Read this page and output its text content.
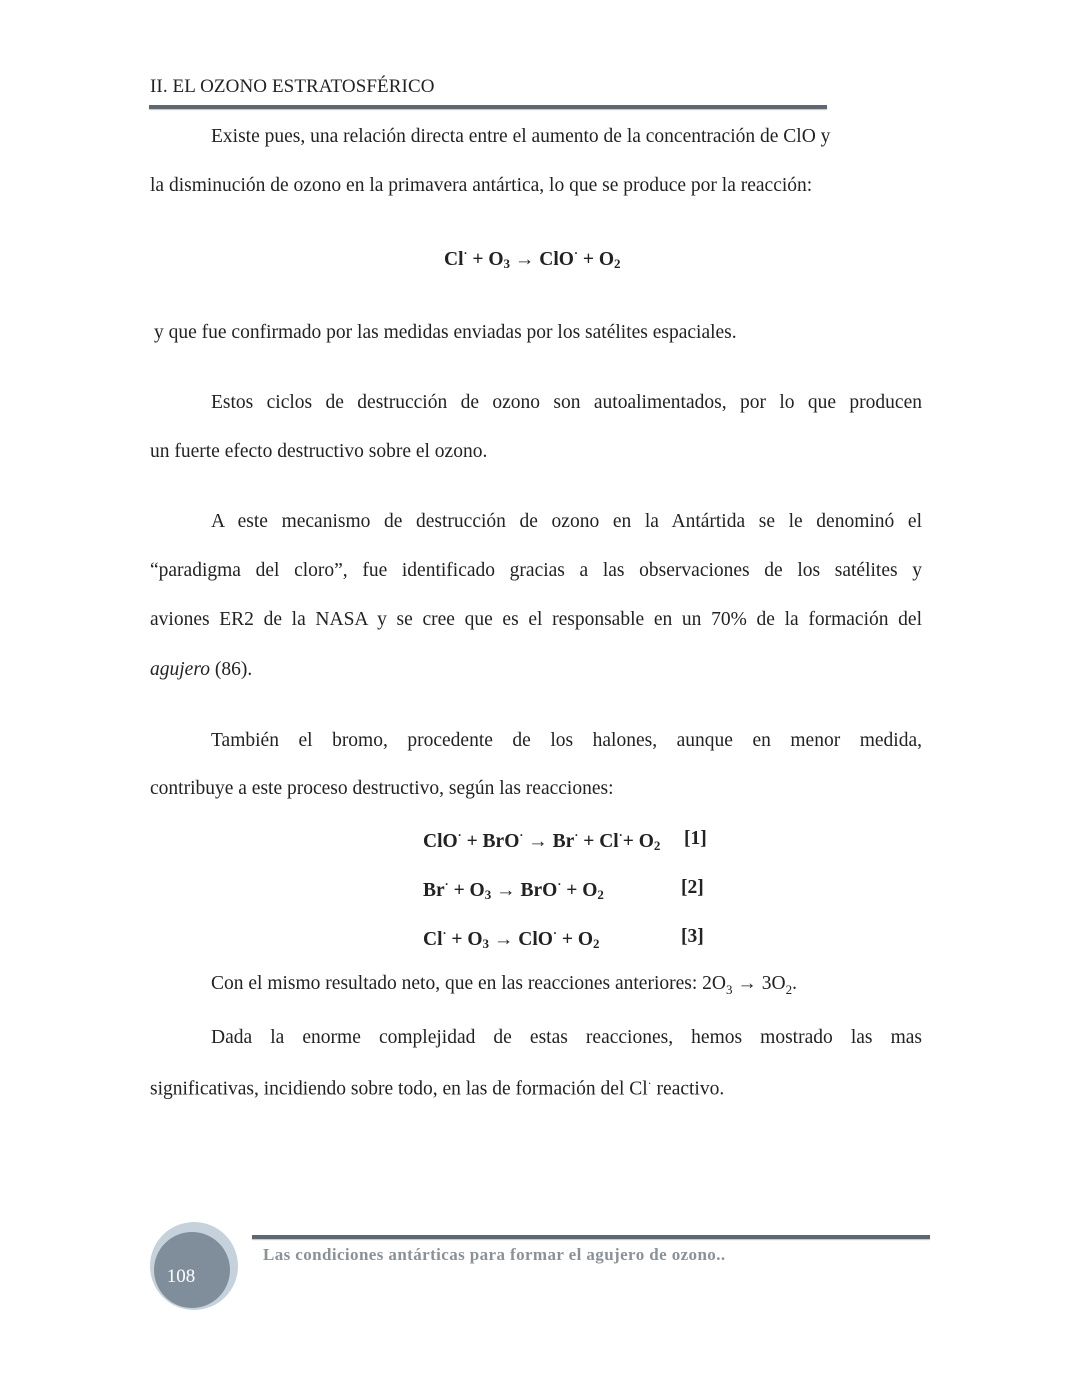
II. EL OZONO ESTRATOSFÉRICO
Existe pues, una relación directa entre el aumento de la concentración de ClO y
la disminución de ozono en la primavera antártica, lo que se produce por la reacción:
$Cl^\cdot + O_3 \to ClO^\cdot + O_2$
y que fue confirmado por las medidas enviadas por los satélites espaciales.
Estos ciclos de destrucción de ozono son autoalimentados, por lo que producen
un fuerte efecto destructivo sobre el ozono.
A este mecanismo de destrucción de ozono en la Antártida se le denominó el
“paradigma del cloro”, fue identificado gracias a las observaciones de los satélites y
aviones ER2 de la NASA y se cree que es el responsable en un 70% de la formación del
agujero (86).
También el bromo, procedente de los halones, aunque en menor medida,
contribuye a este proceso destructivo, según las reacciones:
$ClO^\cdot + BrO^\cdot \to Br^\cdot + Cl^\cdot+ O_2$ [1]
$Br^\cdot + O_3 \to BrO^\cdot + O_2$	[2]
$Cl^\cdot + O_3 \to ClO^\cdot + O_2$	[3]
Con el mismo resultado neto, que en las reacciones anteriores: $2O_3 \to 3O_2$.
Dada la enorme complejidad de estas reacciones, hemos mostrado las mas
significativas, incidiendo sobre todo, en las de formación del Cl· reactivo.
Las condiciones antárticas para formar el agujero de ozono..
108
